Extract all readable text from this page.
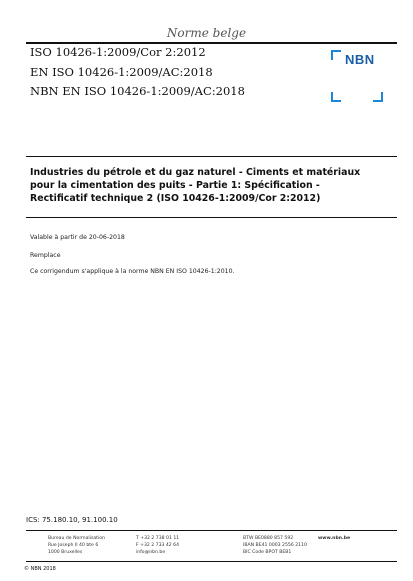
Norme belge
ISO 10426-1:2009/Cor 2:2012
EN ISO 10426-1:2009/AC:2018
NBN EN ISO 10426-1:2009/AC:2018
NBN
Industries du pétrole et du gaz naturel - Ciments et matériaux
pour la cimentation des puits - Partie 1: Spécification -
Rectificatif technique 2 (ISO 10426-1:2009/Cor 2:2012)
Valable à partir de 20-06-2018
Remplace
Ce corrigendum s'applique à la norme NBN EN ISO 10426-1:2010.
ICS: 75.180.10, 91.100.10
Bureau de Normalisation
Rue Joseph II 40 bte 6
1000 Bruxelles
T +32 2 738 01 11
F +32 2 733 42 64
info@nbn.be
BTW BE0880 857 592
IBAN BE41 0003 2556 2110
BIC Code BPOT BEB1
www.nbn.be
© NBN 2018
